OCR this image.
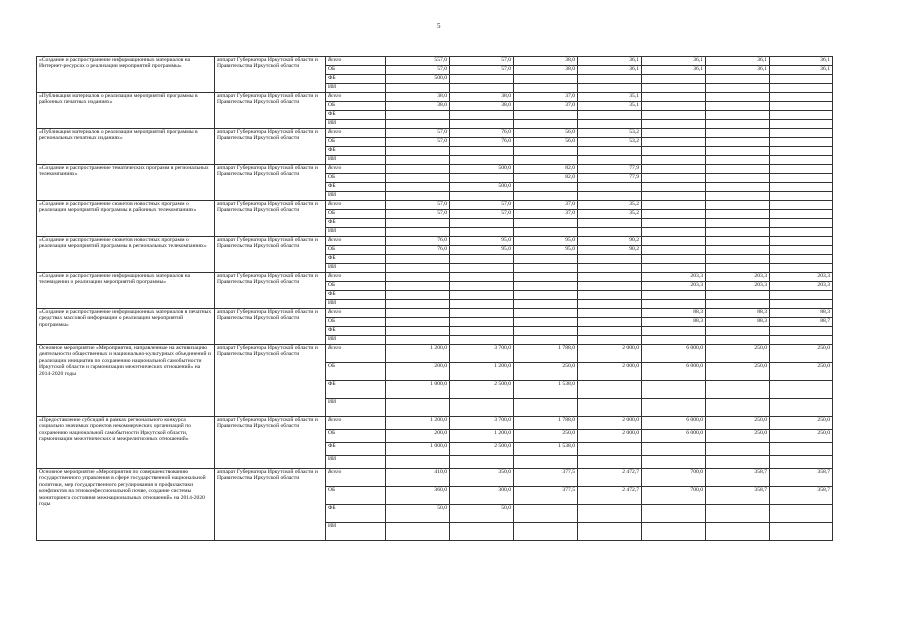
5
«Создание и распространение информационных материалов на Интернет-ресурсах о реализации мероприятий программы»	аппарат Губернатора Иркутской области и Правительства Иркутской области	Всего	557,0	57,0	38,0	36,1	36,1	36,1	36,1
		ОБ	57,0	57,0	38,0	36,1	36,1	36,1	36,1
		ФБ	500,0						
		ИИ							
«Публикация материалов о реализации мероприятий программы в районных печатных изданиях»	аппарат Губернатора Иркутской области и Правительства Иркутской области	Всего	38,0	38,0	37,0	35,1			
		ОБ	38,0	38,0	37,0	35,1			
		ФБ							
		ИИ							
«Публикация материалов о реализации мероприятий программы в региональных печатных изданиях»	аппарат Губернатора Иркутской области и Правительства Иркутской области	Всего	57,0	76,0	56,0	53,2			
		ОБ	57,0	76,0	56,0	53,2			
		ФБ							
		ИИ							
«Создание и распространение тематических программ в региональных телекомпаниях»	аппарат Губернатора Иркутской области и Правительства Иркутской области	Всего		500,0	82,0	77,9			
		ОБ			82,0	77,9			
		ФБ		500,0					
		ИИ							
«Создание и распространение сюжетов новостных программ о реализации мероприятий программы в районных телекомпаниях»	аппарат Губернатора Иркутской области и Правительства Иркутской области	Всего	57,0	57,0	37,0	35,2			
		ОБ	57,0	57,0	37,0	35,2			
		ФБ							
		ИИ							
«Создание и распространение сюжетов новостных программ о реализации мероприятий программы в региональных телекомпаниях»	аппарат Губернатора Иркутской области и Правительства Иркутской области	Всего	76,0	95,0	95,0	90,2			
		ОБ	76,0	95,0	95,0	90,2			
		ФБ							
		ИИ							
«Создание и распространение информационных материалов на телевидении о реализации мероприятий программы»	аппарат Губернатора Иркутской области и Правительства Иркутской области	Всего					203,3	203,3	203,3
		ОБ					203,3	203,3	203,3
		ФБ							
		ИИ							
«Создание и распространение информационных материалов в печатных средствах массовой информации о реализации мероприятий программы»	аппарат Губернатора Иркутской области и Правительства Иркутской области	Всего					88,3	88,3	88,3
		ОБ					88,3	88,3	88,7
		ФБ							
		ИИ							
Основное мероприятие «Мероприятия, направленные на активизацию деятельности общественных и национально-культурных объединений и реализации инициатив по сохранению национальной самобытности Иркутской области и гармонизации межэтнических отношений» на 2014-2020 годы	аппарат Губернатора Иркутской области и Правительства Иркутской области	Всего	1 200,0	3 700,0	1 788,0	2 000,0	6 000,0	250,0	250,0
		ОБ	200,0	1 200,0	250,0	2 000,0	6 000,0	250,0	250,0
		ФБ	1 000,0	2 500,0	1 538,0				
		ИИ							
«Предоставление субсидий в рамках регионального конкурса социально значимых проектов некоммерческих организаций по сохранению национальной самобытности Иркутской области, гармонизации межэтнических и межрелигиозных отношений»	аппарат Губернатора Иркутской области и Правительства Иркутской области	Всего	1 200,0	3 700,0	1 788,0	2 000,0	6 000,0	250,0	250,0
		ОБ	200,0	1 200,0	250,0	2 000,0	6 000,0	250,0	250,0
		ФБ	1 000,0	2 500,0	1 538,0				
		ИИ							
Основное мероприятие «Мероприятия по совершенствованию государственного управления в сфере государственной национальной политики, мер государственного регулирования и профилактики конфликтов на этноконфессиональной почве, создание системы мониторинга состояния межнациональных отношений» на 2014-2020 годы	аппарат Губернатора Иркутской области и Правительства Иркутской области	Всего	410,0	350,0	377,5	2 472,7	700,0	358,7	358,7
		ОБ	360,0	300,0	377,5	2 472,7	700,0	358,7	358,7
		ФБ	50,0	50,0					
		ИИ							
